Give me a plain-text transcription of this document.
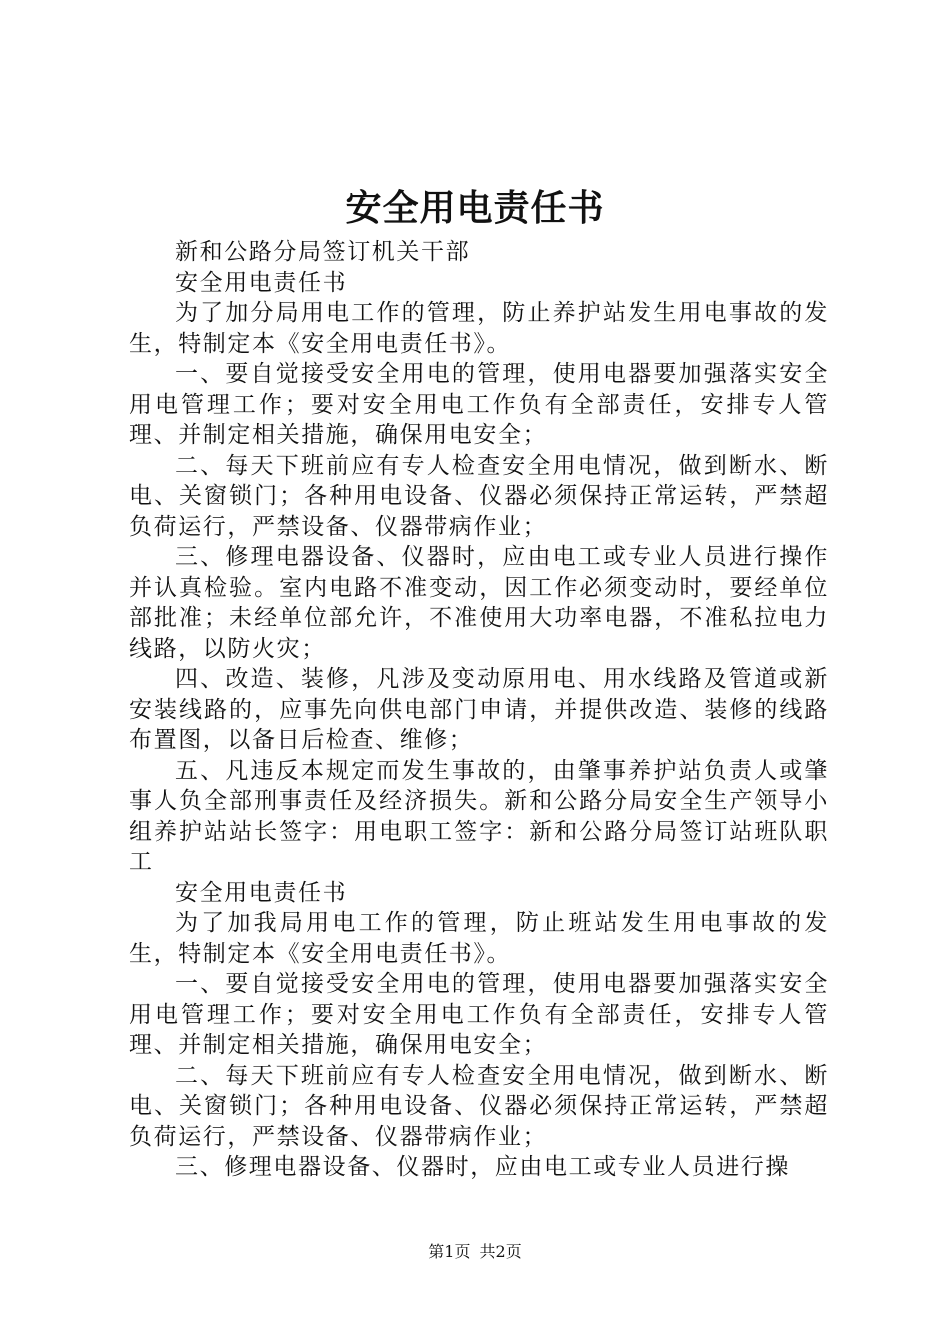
安全用电责任书

新和公路分局签订机关干部

安全用电责任书

为了加分局用电工作的管理，防止养护站发生用电事故的发生，特制定本《安全用电责任书》。

一、要自觉接受安全用电的管理，使用电器要加强落实安全用电管理工作；要对安全用电工作负有全部责任，安排专人管理、并制定相关措施，确保用电安全；

二、每天下班前应有专人检查安全用电情况，做到断水、断电、关窗锁门；各种用电设备、仪器必须保持正常运转，严禁超负荷运行，严禁设备、仪器带病作业；

三、修理电器设备、仪器时，应由电工或专业人员进行操作并认真检验。室内电路不准变动，因工作必须变动时，要经单位部批准；未经单位部允许，不准使用大功率电器，不准私拉电力线路，以防火灾；

四、改造、装修，凡涉及变动原用电、用水线路及管道或新安装线路的，应事先向供电部门申请，并提供改造、装修的线路布置图，以备日后检查、维修；

五、凡违反本规定而发生事故的，由肇事养护站负责人或肇事人负全部刑事责任及经济损失。新和公路分局安全生产领导小组养护站站长签字：用电职工签字：新和公路分局签订站班队职工

安全用电责任书

为了加我局用电工作的管理，防止班站发生用电事故的发生，特制定本《安全用电责任书》。

一、要自觉接受安全用电的管理，使用电器要加强落实安全用电管理工作；要对安全用电工作负有全部责任，安排专人管理、并制定相关措施，确保用电安全；

二、每天下班前应有专人检查安全用电情况，做到断水、断电、关窗锁门；各种用电设备、仪器必须保持正常运转，严禁超负荷运行，严禁设备、仪器带病作业；

三、修理电器设备、仪器时，应由电工或专业人员进行操

第1页 共2页
